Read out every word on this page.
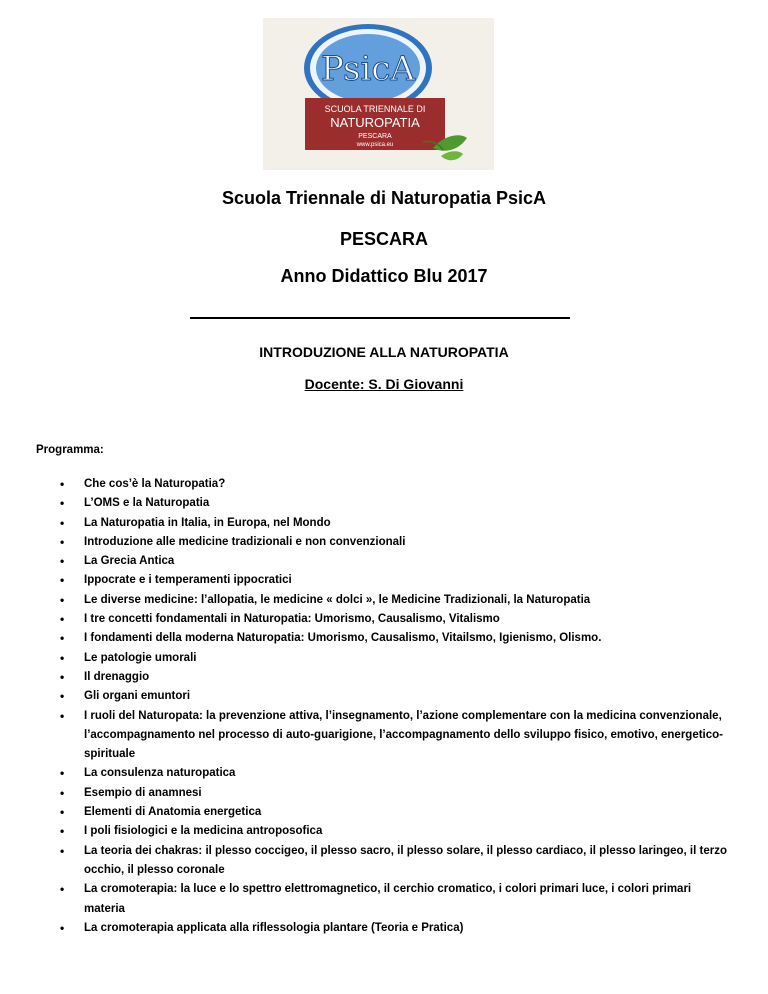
PsicA
SCUOLA TRIENNALE DI
NATUROPATIA
PESCARA
www.psica.eu
Scuola Triennale di Naturopatia PsicA
PESCARA
Anno Didattico Blu 2017
INTRODUZIONE ALLA NATUROPATIA
Docente: S. Di Giovanni
Programma:
• Che cos’è la Naturopatia?
• L’OMS e la Naturopatia
• La Naturopatia in Italia, in Europa, nel Mondo
• Introduzione alle medicine tradizionali e non convenzionali
• La Grecia Antica
• Ippocrate e i temperamenti ippocratici
• Le diverse medicine: l’allopatia, le medicine « dolci », le Medicine Tradizionali, la Naturopatia
• I tre concetti fondamentali in Naturopatia: Umorismo, Causalismo, Vitalismo
• I fondamenti della moderna Naturopatia: Umorismo, Causalismo, Vitailsmo, Igienismo, Olismo.
• Le patologie umorali
• Il drenaggio
• Gli organi emuntori
• I ruoli del Naturopata: la prevenzione attiva, l’insegnamento, l’azione complementare con la medicina convenzionale, l’accompagnamento nel processo di auto-guarigione, l’accompagnamento dello sviluppo fisico, emotivo, energetico-spirituale
• La consulenza naturopatica
• Esempio di anamnesi
• Elementi di Anatomia energetica
• I poli fisiologici e la medicina antroposofica
• La teoria dei chakras: il plesso coccigeo, il plesso sacro, il plesso solare, il plesso cardiaco, il plesso laringeo, il terzo occhio, il plesso coronale
• La cromoterapia: la luce e lo spettro elettromagnetico, il cerchio cromatico, i colori primari luce, i colori primari materia
• La cromoterapia applicata alla riflessologia plantare (Teoria e Pratica)
